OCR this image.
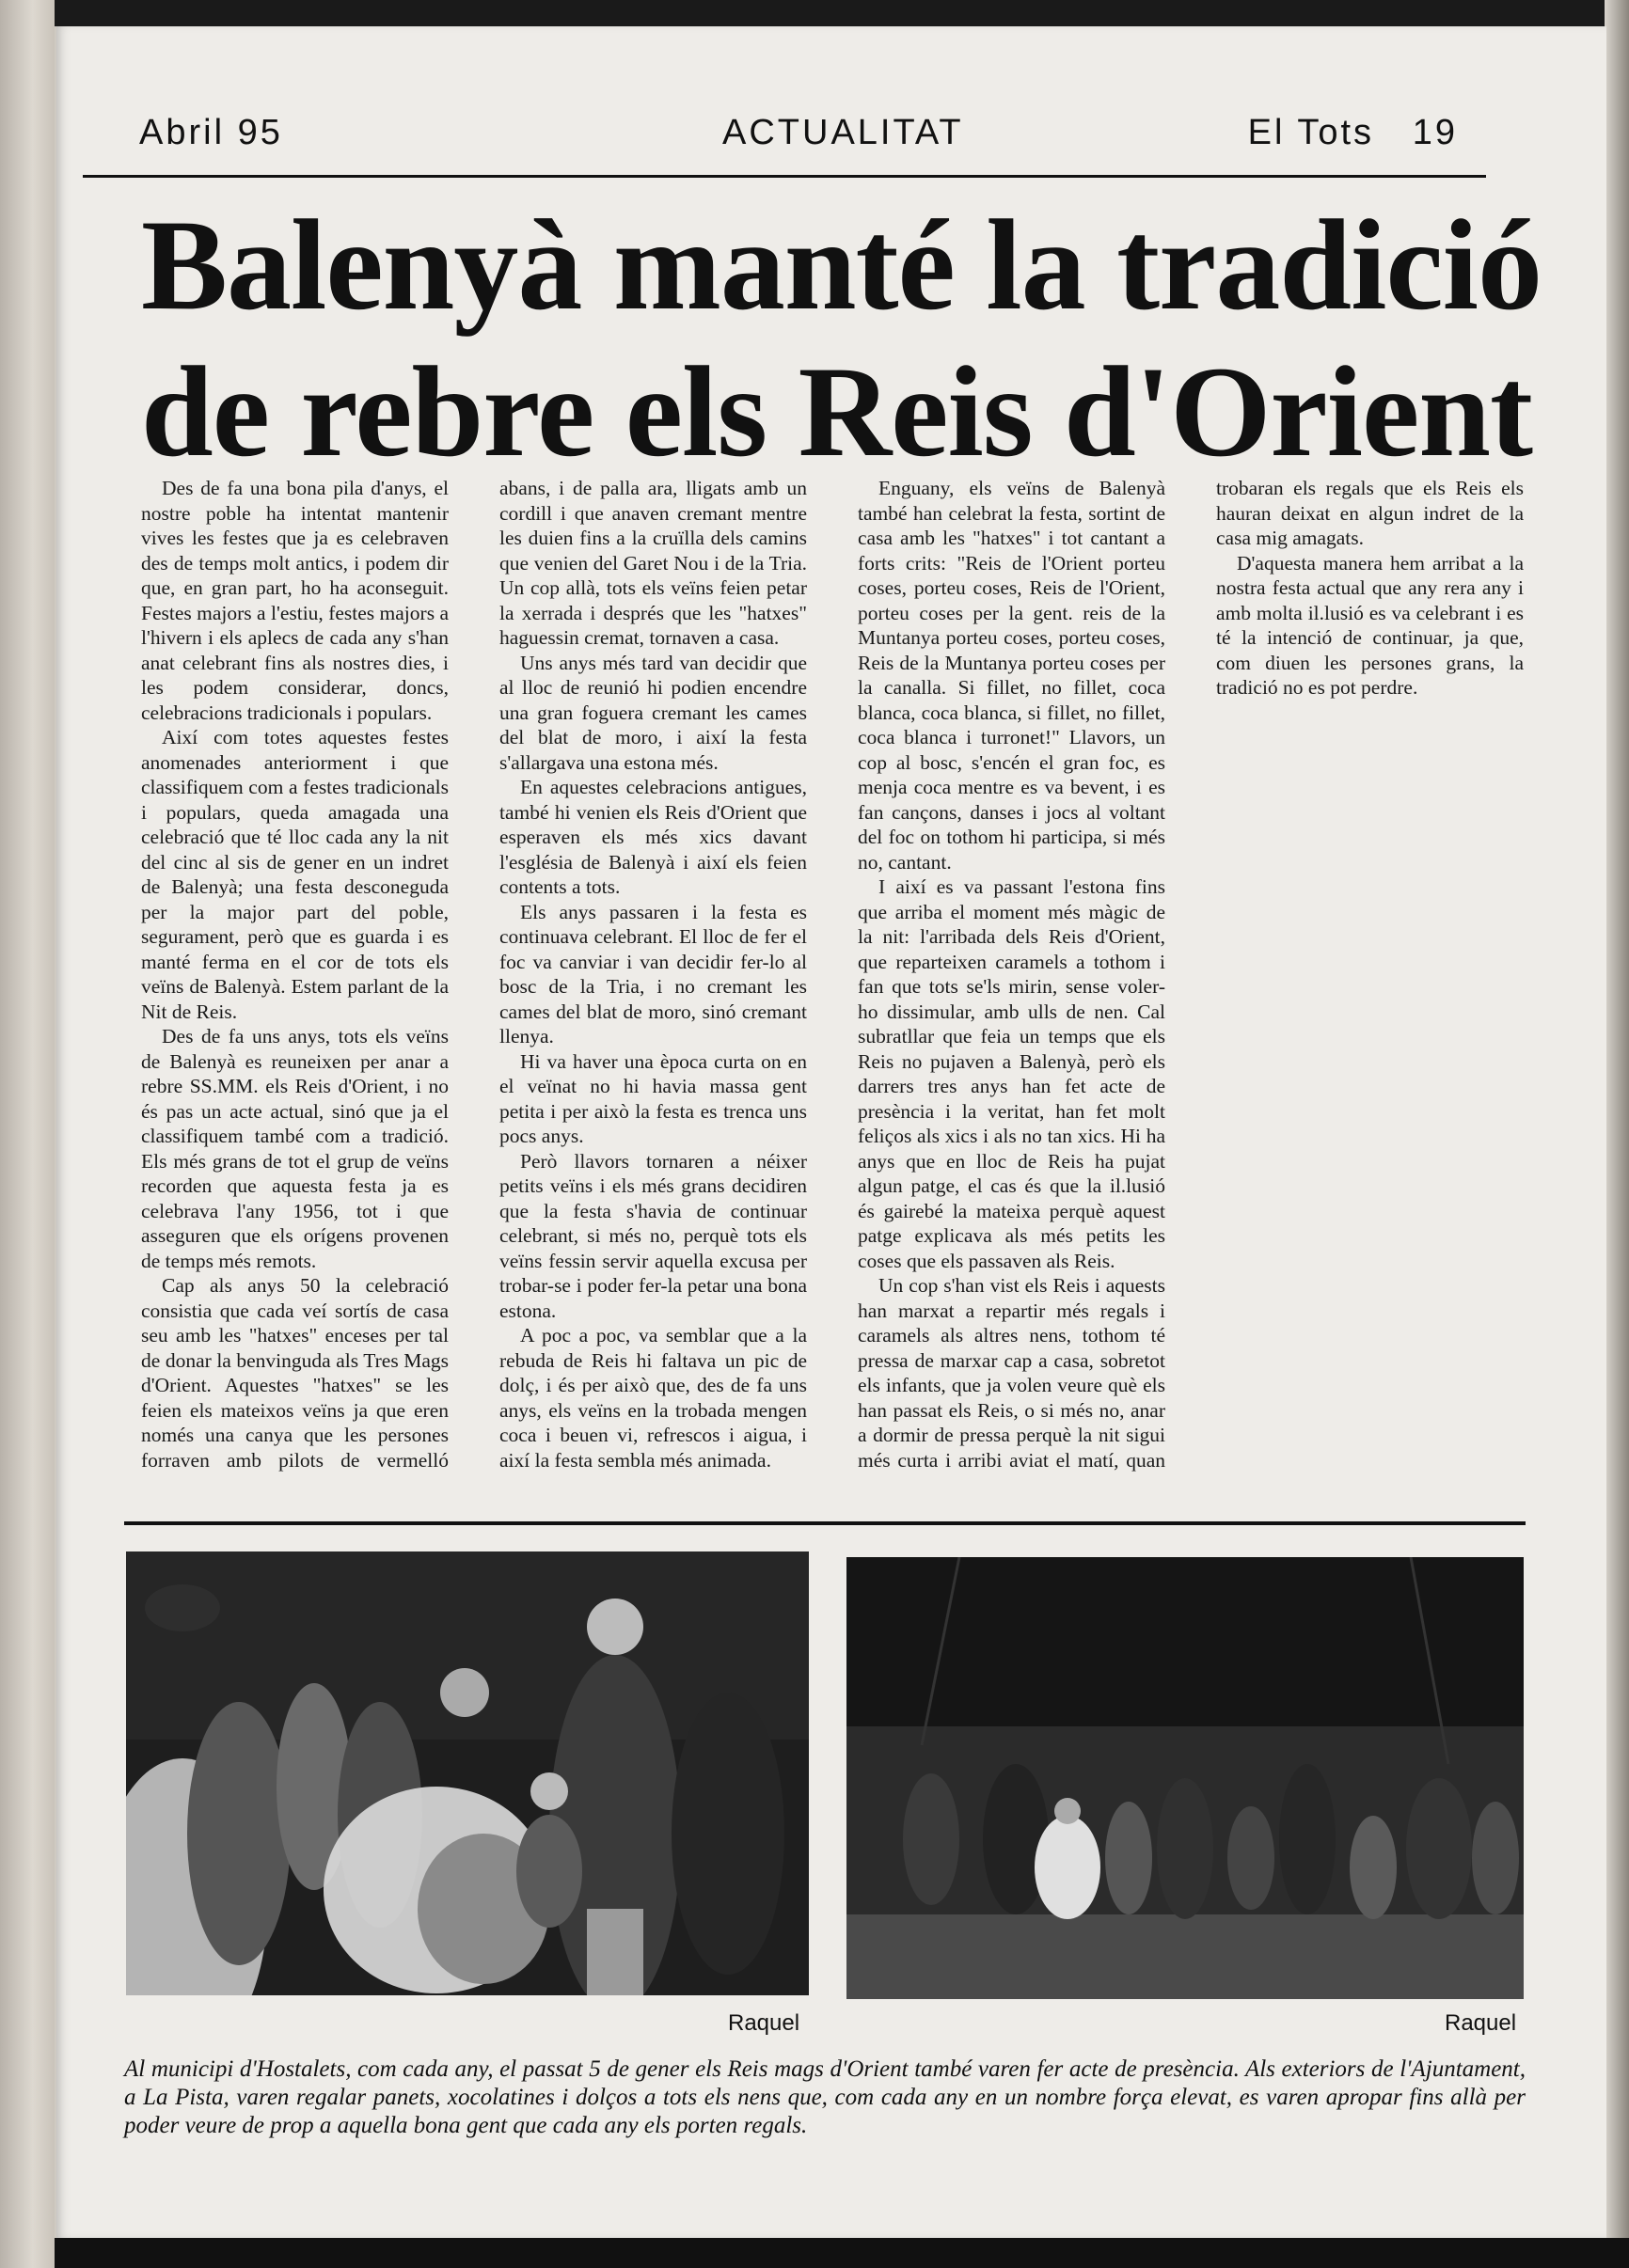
Abril 95	ACTUALITAT	El Tots 19
Balenyà manté la tradició
de rebre els Reis d'Orient

Des de fa una bona pila d'anys, el nostre poble ha intentat mantenir vives les festes que ja es celebraven des de temps molt antics, i podem dir que, en gran part, ho ha aconseguit. Festes majors a l'estiu, festes majors a l'hivern i els aplecs de cada any s'han anat celebrant fins als nostres dies, i les podem considerar, doncs, celebracions tradicionals i populars.

Així com totes aquestes festes anomenades anteriorment i que classifiquem com a festes tradicionals i populars, queda amagada una celebració que té lloc cada any la nit del cinc al sis de gener en un indret de Balenyà; una festa desconeguda per la major part del poble, segurament, però que es guarda i es manté ferma en el cor de tots els veïns de Balenyà. Estem parlant de la Nit de Reis.

Des de fa uns anys, tots els veïns de Balenyà es reuneixen per anar a rebre SS.MM. els Reis d'Orient, i no és pas un acte actual, sinó que ja el classifiquem també com a tradició. Els més grans de tot el grup de veïns recorden que aquesta festa ja es celebrava l'any 1956, tot i que asseguren que els orígens provenen de temps més remots.

Cap als anys 50 la celebració consistia que cada veí sortís de casa seu amb les "hatxes" enceses per tal de donar la benvinguda als Tres Mags d'Orient. Aquestes "hatxes" se les feien els mateixos veïns ja que eren només una canya que les persones forraven amb pilots de vermelló abans, i de palla ara, lligats amb un cordill i que anaven cremant mentre les duien fins a la cruïlla dels camins que venien del Garet Nou i de la Tria. Un cop allà, tots els veïns feien petar la xerrada i després que les "hatxes" haguessin cremat, tornaven a casa.

Uns anys més tard van decidir que al lloc de reunió hi podien encendre una gran foguera cremant les cames del blat de moro, i així la festa s'allargava una estona més.

En aquestes celebracions antigues, també hi venien els Reis d'Orient que esperaven els més xics davant l'església de Balenyà i així els feien contents a tots.

Els anys passaren i la festa es continuava celebrant. El lloc de fer el foc va canviar i van decidir fer-lo al bosc de la Tria, i no cremant les cames del blat de moro, sinó cremant llenya.

Hi va haver una època curta on en el veïnat no hi havia massa gent petita i per això la festa es trenca uns pocs anys.

Però llavors tornaren a néixer petits veïns i els més grans decidiren que la festa s'havia de continuar celebrant, si més no, perquè tots els veïns fessin servir aquella excusa per trobar-se i poder fer-la petar una bona estona.

A poc a poc, va semblar que a la rebuda de Reis hi faltava un pic de dolç, i és per això que, des de fa uns anys, els veïns en la trobada mengen coca i beuen vi, refrescos i aigua, i així la festa sembla més animada.

Enguany, els veïns de Balenyà també han celebrat la festa, sortint de casa amb les "hatxes" i tot cantant a forts crits: "Reis de l'Orient porteu coses, porteu coses, Reis de l'Orient, porteu coses per la gent. reis de la Muntanya porteu coses, porteu coses, Reis de la Muntanya porteu coses per la canalla. Si fillet, no fillet, coca blanca, coca blanca, si fillet, no fillet, coca blanca i turronet!" Llavors, un cop al bosc, s'encén el gran foc, es menja coca mentre es va bevent, i es fan cançons, danses i jocs al voltant del foc on tothom hi participa, si més no, cantant.

I així es va passant l'estona fins que arriba el moment més màgic de la nit: l'arribada dels Reis d'Orient, que reparteixen caramels a tothom i fan que tots se'ls mirin, sense voler-ho dissimular, amb ulls de nen. Cal subratllar que feia un temps que els Reis no pujaven a Balenyà, però els darrers tres anys han fet acte de presència i la veritat, han fet molt feliços als xics i als no tan xics. Hi ha anys que en lloc de Reis ha pujat algun patge, el cas és que la il.lusió és gairebé la mateixa perquè aquest patge explicava als més petits les coses que els passaven als Reis.

Un cop s'han vist els Reis i aquests han marxat a repartir més regals i caramels als altres nens, tothom té pressa de marxar cap a casa, sobretot els infants, que ja volen veure què els han passat els Reis, o si més no, anar a dormir de pressa perquè la nit sigui més curta i arribi aviat el matí, quan trobaran els regals que els Reis els hauran deixat en algun indret de la casa mig amagats.

D'aquesta manera hem arribat a la nostra festa actual que any rera any i amb molta il.lusió es va celebrant i es té la intenció de continuar, ja que, com diuen les persones grans, la tradició no es pot perdre.

Raquel	Raquel
Al municipi d'Hostalets, com cada any, el passat 5 de gener els Reis mags d'Orient també varen fer acte de presència. Als exteriors de l'Ajuntament, a La Pista, varen regalar panets, xocolatines i dolços a tots els nens que, com cada any en un nombre força elevat, es varen apropar fins allà per poder veure de prop a aquella bona gent que cada any els porten regals.
